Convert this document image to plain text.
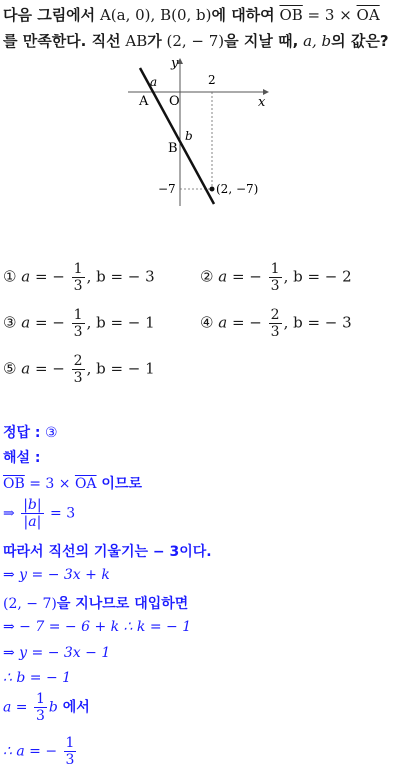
다음 그림에서 A(a, 0), B(0, b)에 대하여 $\overline{OB} = 3 \times \overline{OA}$
를 만족한다. 직선 AB가 (2, − 7)을 지날 때, a, b의 값은?
y
x
O
a
A
2
b
B
−7	(2, −7)
① a = − $\frac{1}{3}$ , b = − 3	② a = − $\frac{1}{3}$ , b = − 2
③ a = − $\frac{1}{3}$ , b = − 1	④ a = − $\frac{2}{3}$ , b = − 3
⑤ a = − $\frac{2}{3}$ , b = − 1
정답 : ③
해설 :
$\overline{OB} = 3 \times \overline{OA}$ 이므로
⇒ $\frac{|b|}{|a|} = 3$
따라서 직선의 기울기는 − 3이다.
⇒ y = − 3x + k
(2, − 7)을 지나므로 대입하면
⇒ − 7 = − 6 + k ∴ k = − 1
⇒ y = − 3x − 1
∴ b = − 1
$a = \frac{1}{3}$ b 에서
∴ a = − $\frac{1}{3}$
